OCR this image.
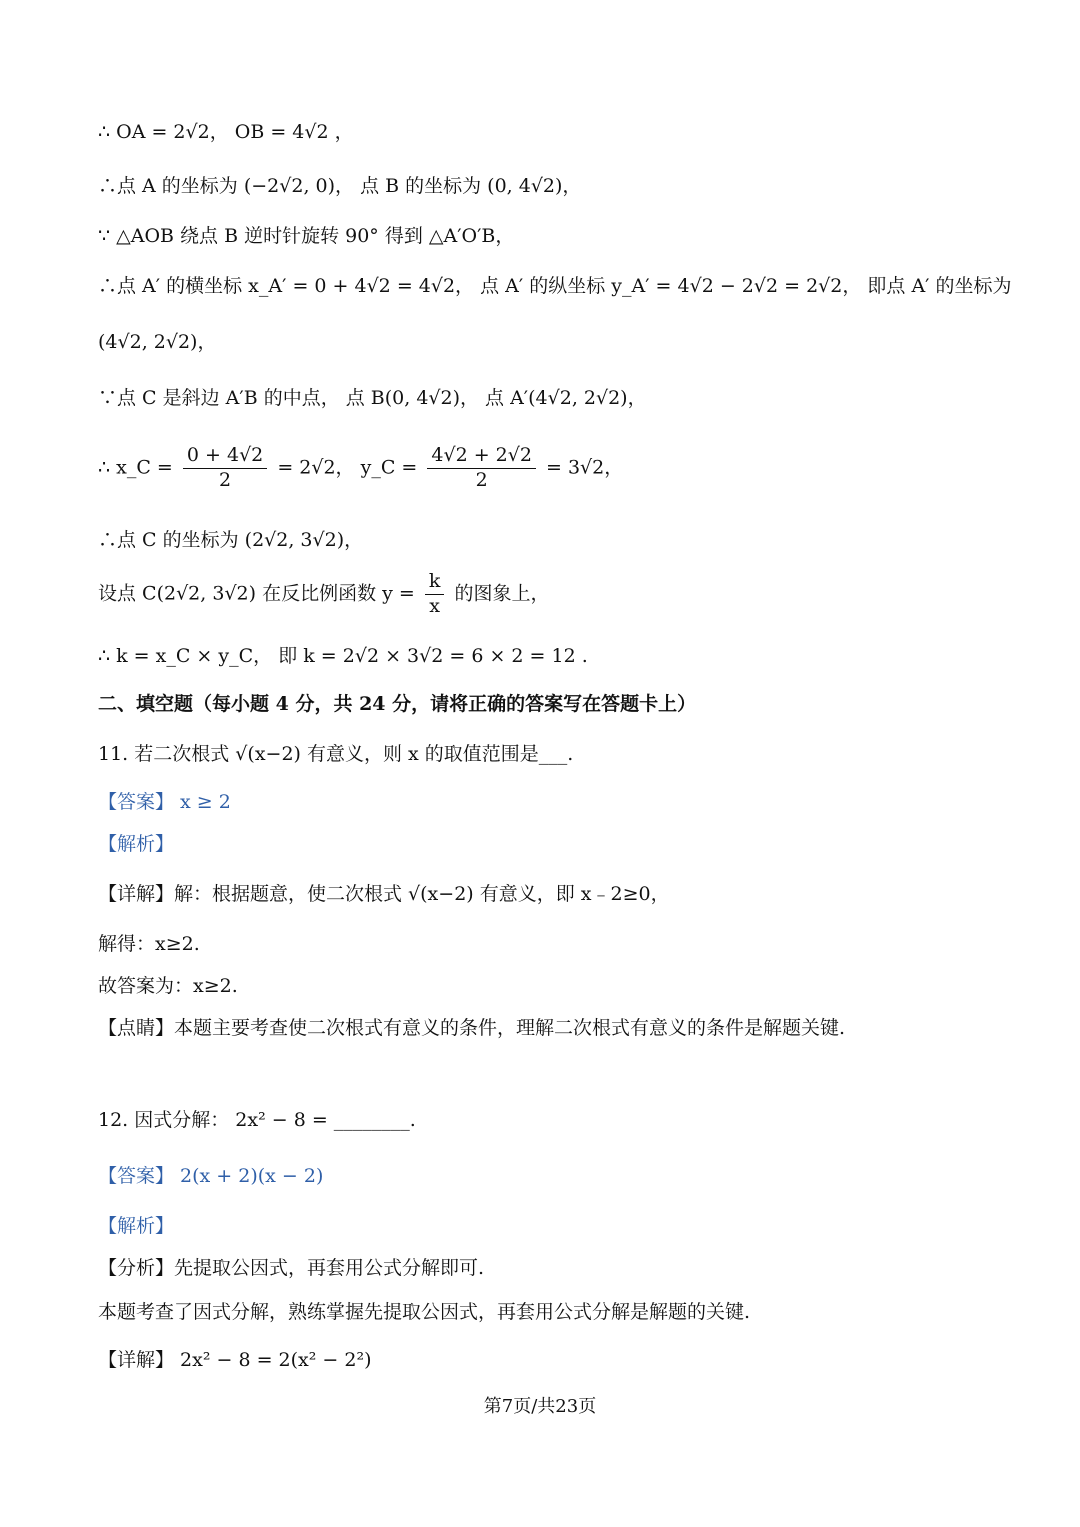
∴ OA = 2√2， OB = 4√2 ，
∴点 A 的坐标为 (−2√2, 0)， 点 B 的坐标为 (0, 4√2)，
∵ △AOB 绕点 B 逆时针旋转 90° 得到 △A′O′B，
∴点 A′ 的横坐标 x_A′ = 0 + 4√2 = 4√2， 点 A′ 的纵坐标 y_A′ = 4√2 − 2√2 = 2√2， 即点 A′ 的坐标为
(4√2, 2√2)，
∵点 C 是斜边 A′B 的中点， 点 B(0, 4√2)， 点 A′(4√2, 2√2)，
∴ x_C = $\frac{0 + 4√2}{2} = 2√2$， y_C = $\frac{4√2 + 2√2}{2} = 3√2$，
∴点 C 的坐标为 (2√2, 3√2)，
设点 C(2√2, 3√2) 在反比例函数 $y = \frac{k}{x}$ 的图象上，
∴ k = x_C × y_C， 即 k = 2√2 × 3√2 = 6 × 2 = 12 .
二、填空题（每小题 4 分，共 24 分，请将正确的答案写在答题卡上）
11. 若二次根式 √(x−2) 有意义，则 x 的取值范围是___.
【答案】 x ≥ 2
【解析】
【详解】解：根据题意，使二次根式 √(x−2) 有意义，即 x﹣2≥0，
解得：x≥2.
故答案为：x≥2.
【点睛】本题主要考查使二次根式有意义的条件，理解二次根式有意义的条件是解题关键.
12. 因式分解： 2x² − 8 = ________.
【答案】 2(x + 2)(x − 2)
【解析】
【分析】先提取公因式，再套用公式分解即可.
本题考查了因式分解，熟练掌握先提取公因式，再套用公式分解是解题的关键.
【详解】 2x² − 8 = 2(x² − 2²)
第7页/共23页
